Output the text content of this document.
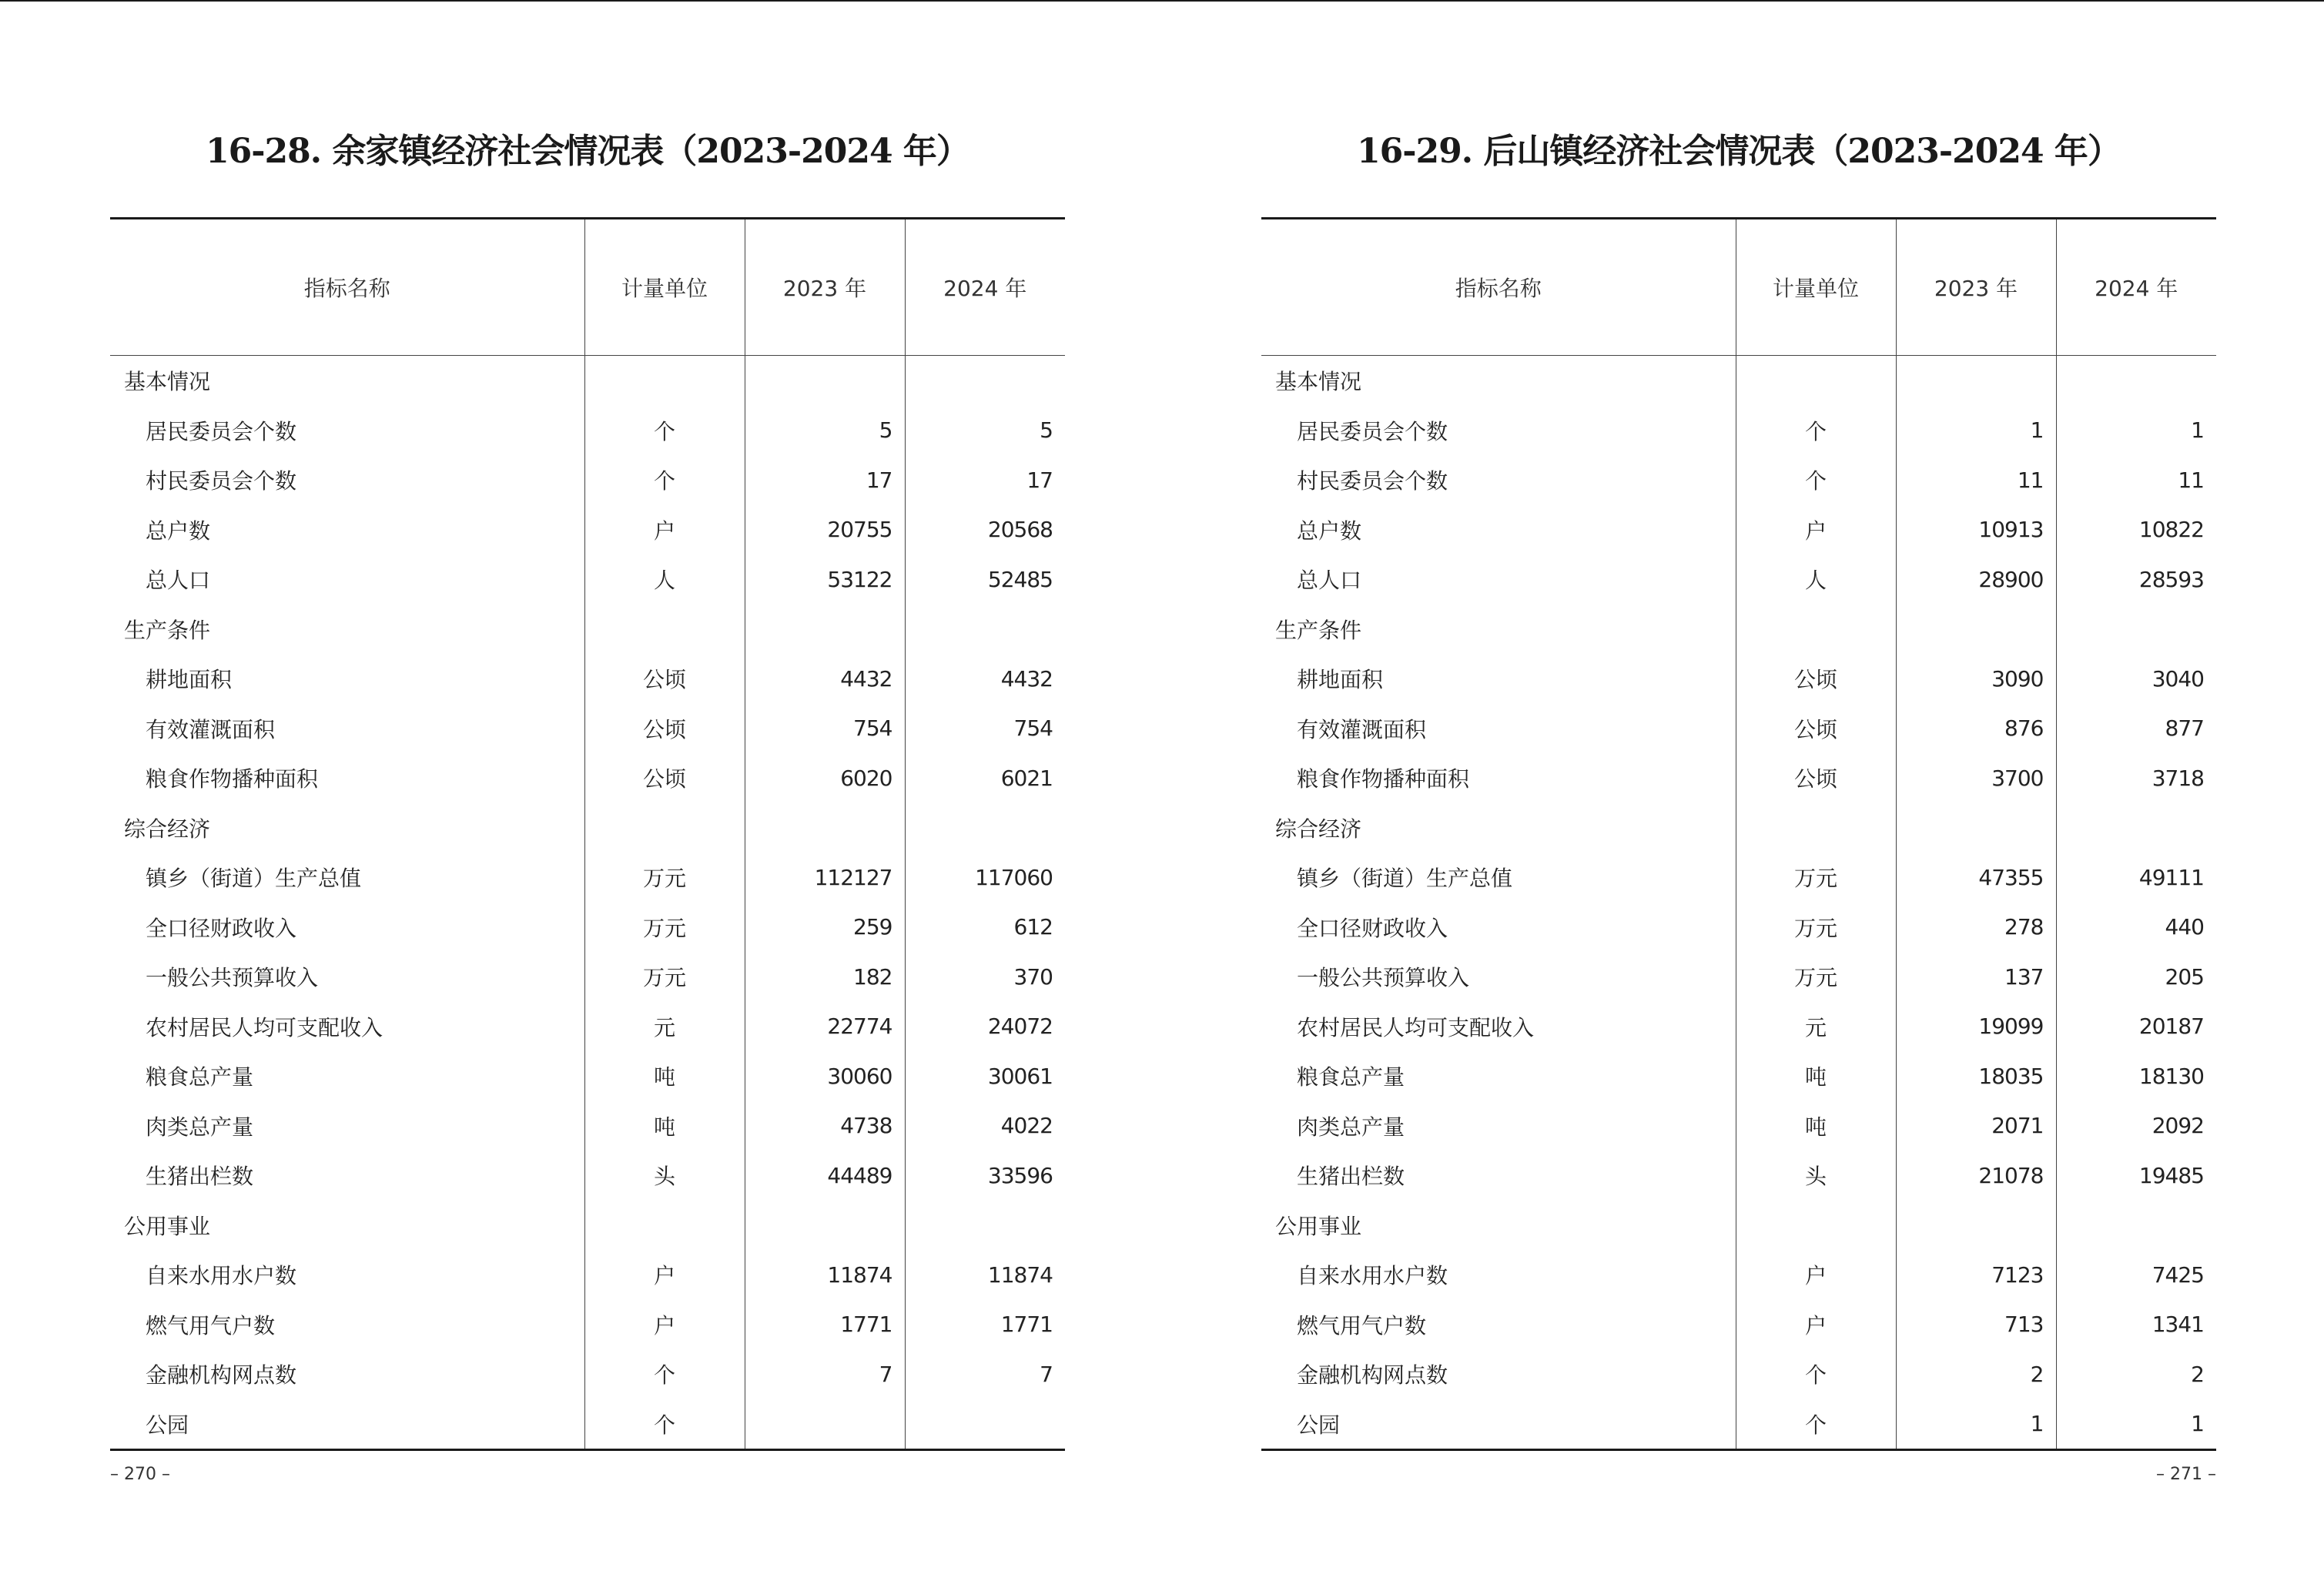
16-28. 余家镇经济社会情况表（2023-2024 年）
指标名称	计量单位	2023 年	2024 年
基本情况			
居民委员会个数	个	5	5
村民委员会个数	个	17	17
总户数	户	20755	20568
总人口	人	53122	52485
生产条件			
耕地面积	公顷	4432	4432
有效灌溉面积	公顷	754	754
粮食作物播种面积	公顷	6020	6021
综合经济			
镇乡（街道）生产总值	万元	112127	117060
全口径财政收入	万元	259	612
一般公共预算收入	万元	182	370
农村居民人均可支配收入	元	22774	24072
粮食总产量	吨	30060	30061
肉类总产量	吨	4738	4022
生猪出栏数	头	44489	33596
公用事业			
自来水用水户数	户	11874	11874
燃气用气户数	户	1771	1771
金融机构网点数	个	7	7
公园	个		
– 270 –
16-29. 后山镇经济社会情况表（2023-2024 年）
指标名称	计量单位	2023 年	2024 年
基本情况			
居民委员会个数	个	1	1
村民委员会个数	个	11	11
总户数	户	10913	10822
总人口	人	28900	28593
生产条件			
耕地面积	公顷	3090	3040
有效灌溉面积	公顷	876	877
粮食作物播种面积	公顷	3700	3718
综合经济			
镇乡（街道）生产总值	万元	47355	49111
全口径财政收入	万元	278	440
一般公共预算收入	万元	137	205
农村居民人均可支配收入	元	19099	20187
粮食总产量	吨	18035	18130
肉类总产量	吨	2071	2092
生猪出栏数	头	21078	19485
公用事业			
自来水用水户数	户	7123	7425
燃气用气户数	户	713	1341
金融机构网点数	个	2	2
公园	个	1	1
– 271 –
